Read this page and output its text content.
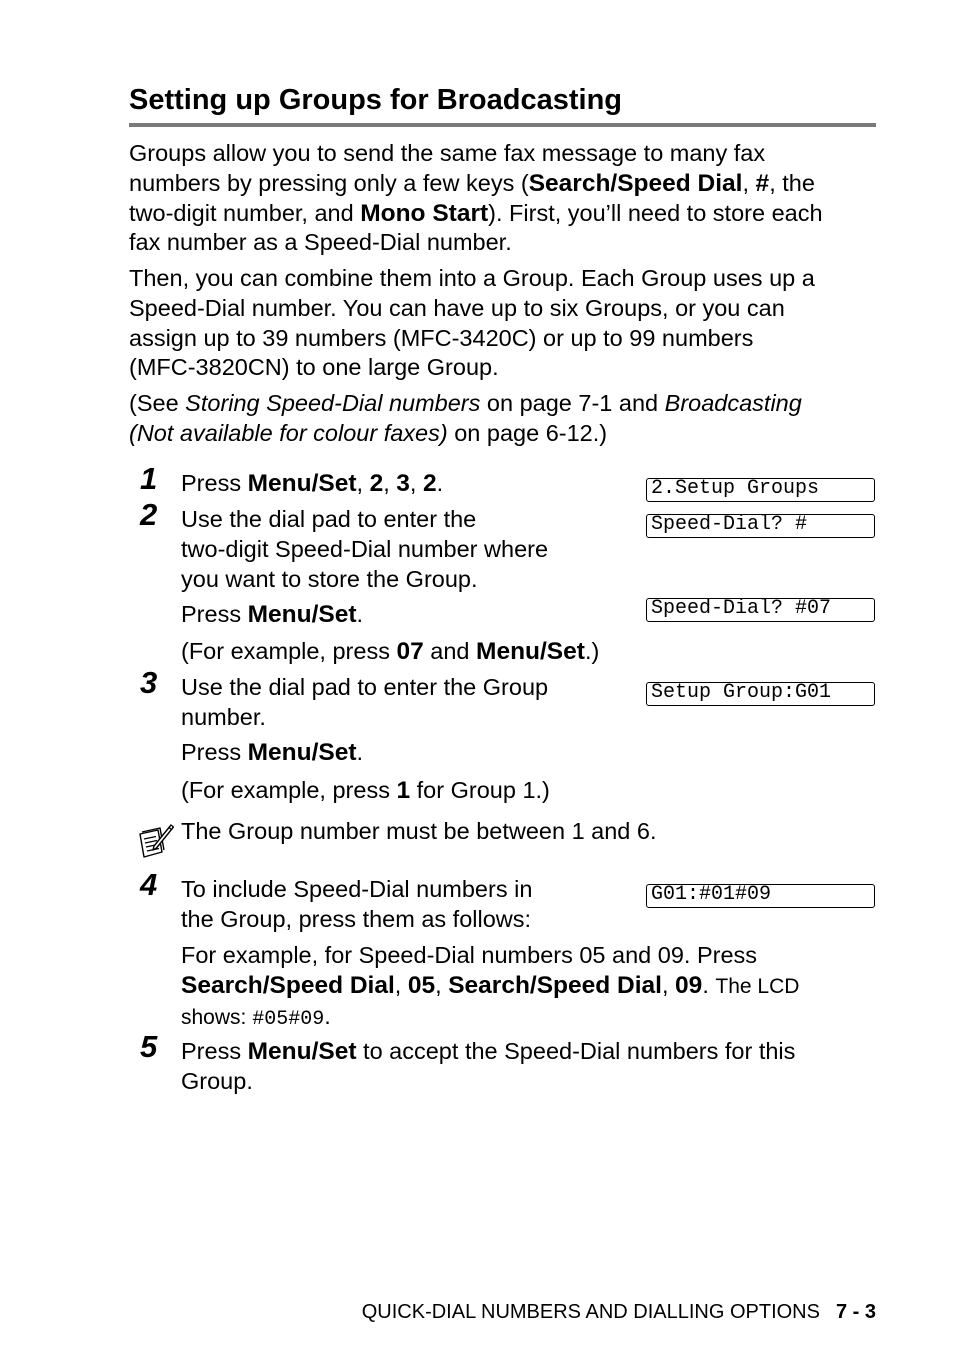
Setting up Groups for Broadcasting

Groups allow you to send the same fax message to many fax
numbers by pressing only a few keys (Search/Speed Dial, #, the
two-digit number, and Mono Start). First, you’ll need to store each
fax number as a Speed-Dial number.

Then, you can combine them into a Group. Each Group uses up a
Speed-Dial number. You can have up to six Groups, or you can
assign up to 39 numbers (MFC-3420C) or up to 99 numbers
(MFC-3820CN) to one large Group.

(See Storing Speed-Dial numbers on page 7-1 and Broadcasting
(Not available for colour faxes) on page 6-12.)

1 Press Menu/Set, 2, 3, 2.	2.Setup Groups
2 Use the dial pad to enter the
two-digit Speed-Dial number where
you want to store the Group.

Speed-Dial? #

Press Menu/Set.	Speed-Dial? #07

(For example, press 07 and Menu/Set.)

3 Use the dial pad to enter the Group
number.

Setup Group:G01

Press Menu/Set.

(For example, press 1 for Group 1.)

The Group number must be between 1 and 6.

4 To include Speed-Dial numbers in
the Group, press them as follows:

G01:#01#09

For example, for Speed-Dial numbers 05 and 09. Press
Search/Speed Dial, 05, Search/Speed Dial, 09. The LCD
shows: #05#09.

5 Press Menu/Set to accept the Speed-Dial numbers for this
Group.

QUICK-DIAL NUMBERS AND DIALLING OPTIONS 7 - 3
